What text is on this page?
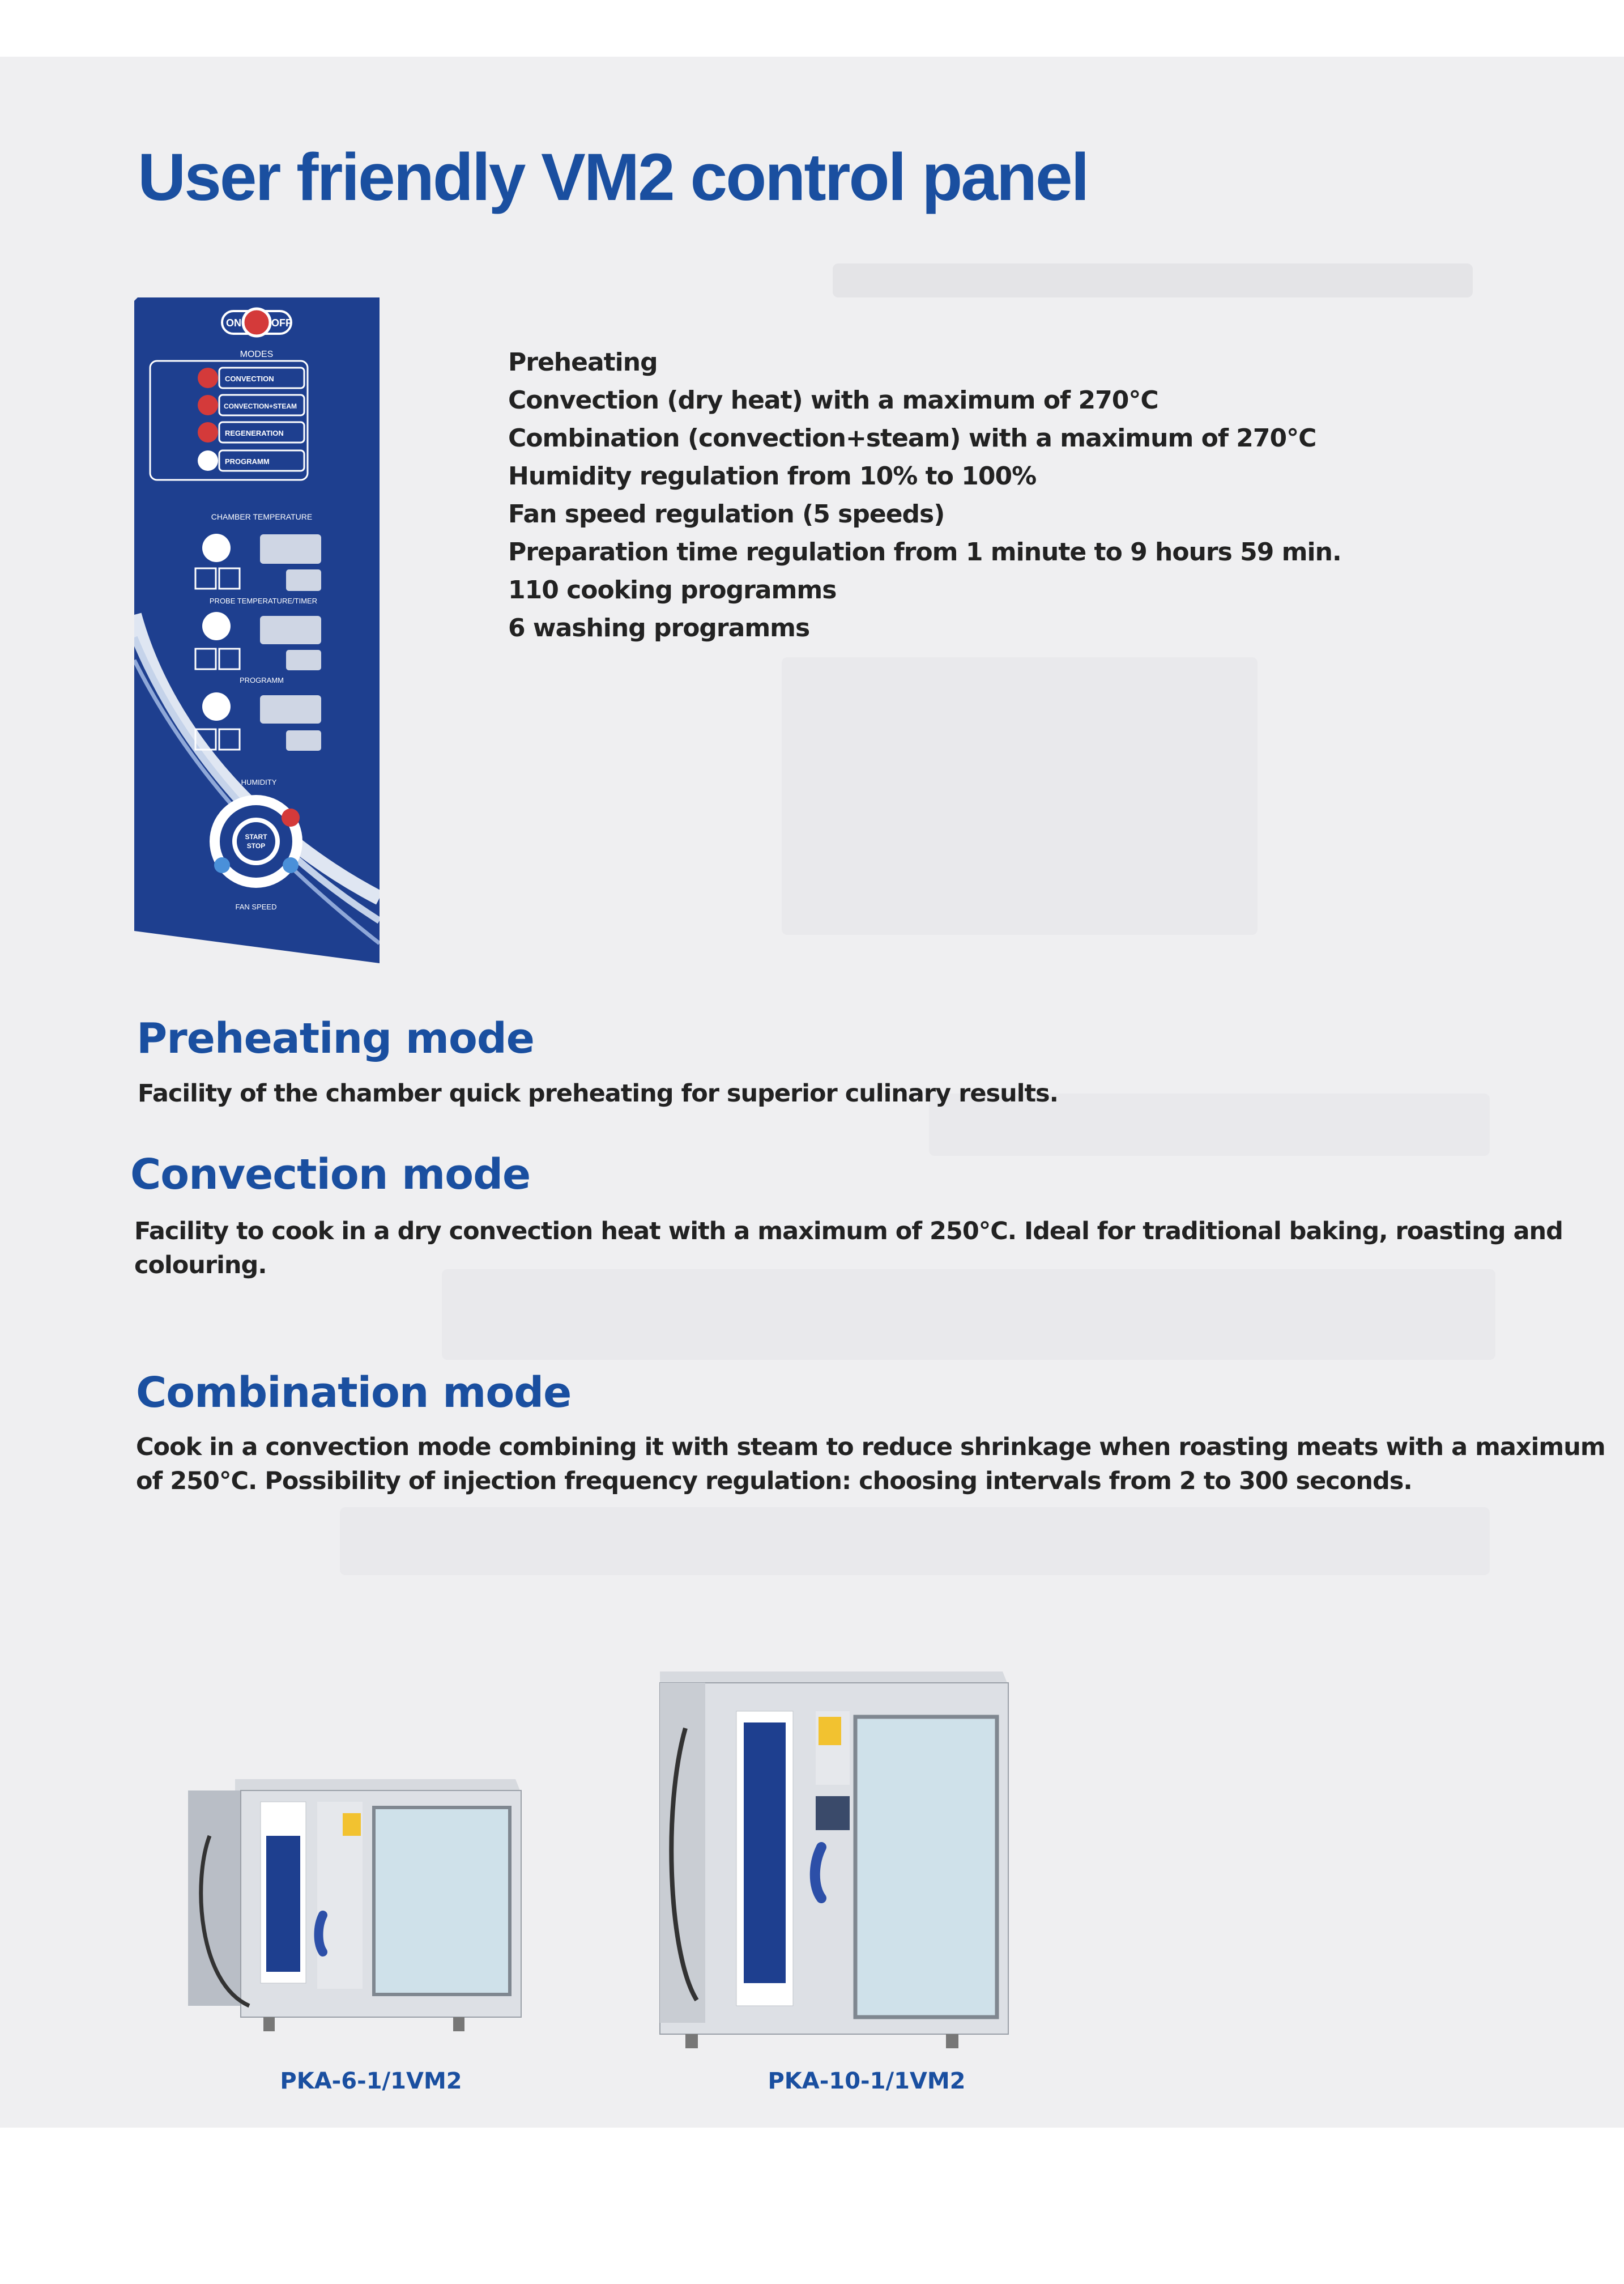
User friendly VM2 control panel
ON	OFF
MODES
CONVECTION
CONVECTION+STEAM
REGENERATION
PROGRAMM
CHAMBER TEMPERATURE
PROBE TEMPERATURE/TIMER
PROGRAMM
HUMIDITY
START
STOP
FAN SPEED
Preheating
Convection (dry heat) with a maximum of 270°C
Combination (convection+steam) with a maximum of 270°C
Humidity regulation from 10% to 100%
Fan speed regulation (5 speeds)
Preparation time regulation from 1 minute to 9 hours 59 min.
110 cooking programms
6 washing programms
Preheating mode

Facility of the chamber quick preheating for superior culinary results.

Convection mode

Facility to cook in a dry convection heat with a maximum of 250°C. Ideal for traditional baking, roasting and

colouring.

Combination mode

Cook in a convection mode combining it with steam to reduce shrinkage when roasting meats with a maximum

of 250°C. Possibility of injection frequency regulation: choosing intervals from 2 to 300 seconds.

PKA-6-1/1VM2	PKA-10-1/1VM2
